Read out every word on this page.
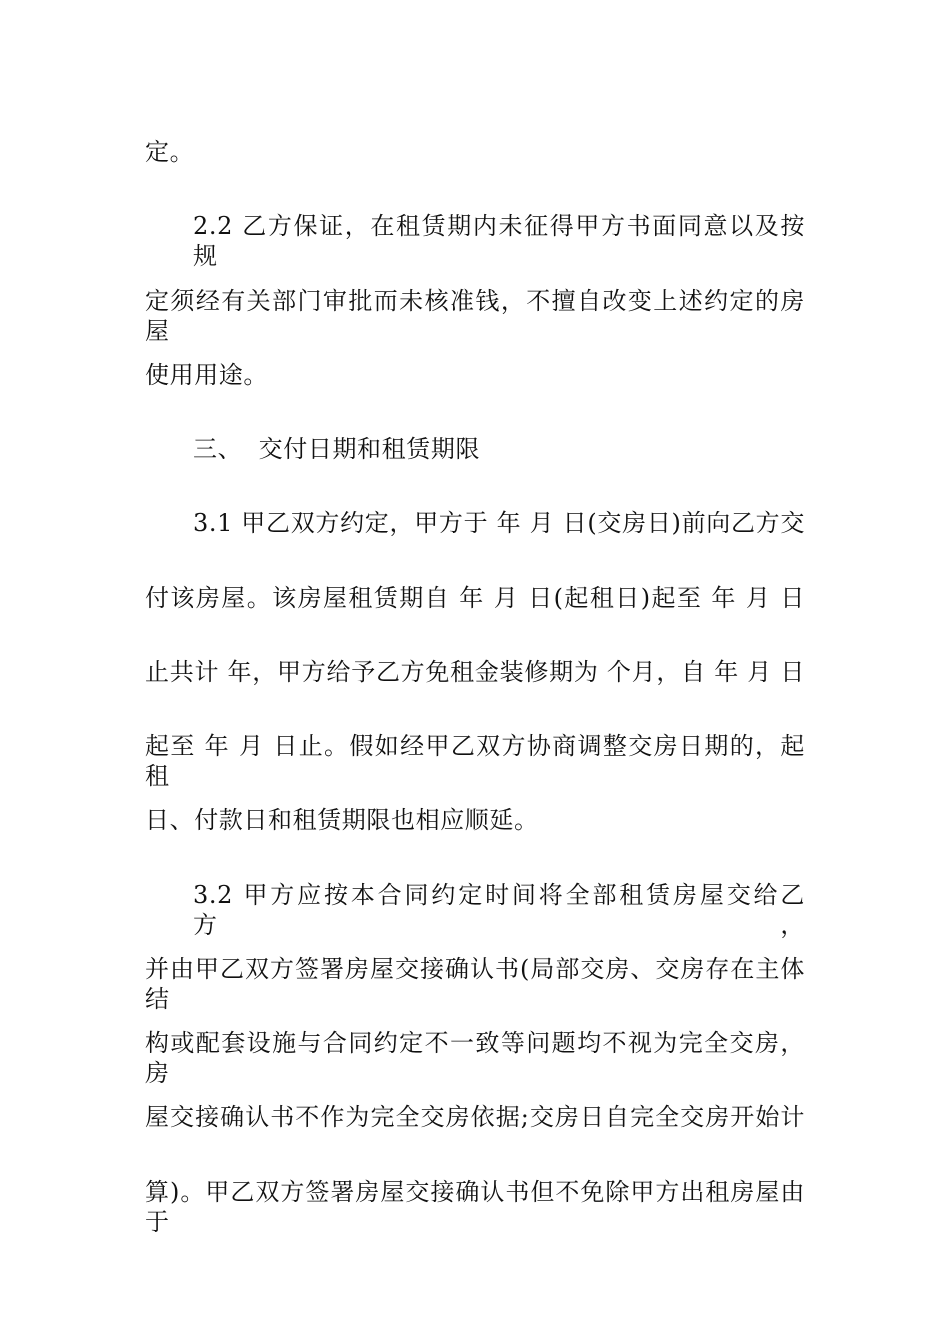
定。
2.2 乙方保证，在租赁期内未征得甲方书面同意以及按规
定须经有关部门审批而未核准钱，不擅自改变上述约定的房屋
使用用途。
三、  交付日期和租赁期限
3.1 甲乙双方约定，甲方于 年 月 日(交房日)前向乙方交
付该房屋。该房屋租赁期自 年 月 日(起租日)起至 年 月 日
止共计 年，甲方给予乙方免租金装修期为 个月，自 年 月 日
起至 年 月 日止。假如经甲乙双方协商调整交房日期的，起租
日、付款日和租赁期限也相应顺延。
3.2 甲方应按本合同约定时间将全部租赁房屋交给乙方，
并由甲乙双方签署房屋交接确认书(局部交房、交房存在主体结
构或配套设施与合同约定不一致等问题均不视为完全交房，房
屋交接确认书不作为完全交房依据;交房日自完全交房开始计
算)。甲乙双方签署房屋交接确认书但不免除甲方出租房屋由于
